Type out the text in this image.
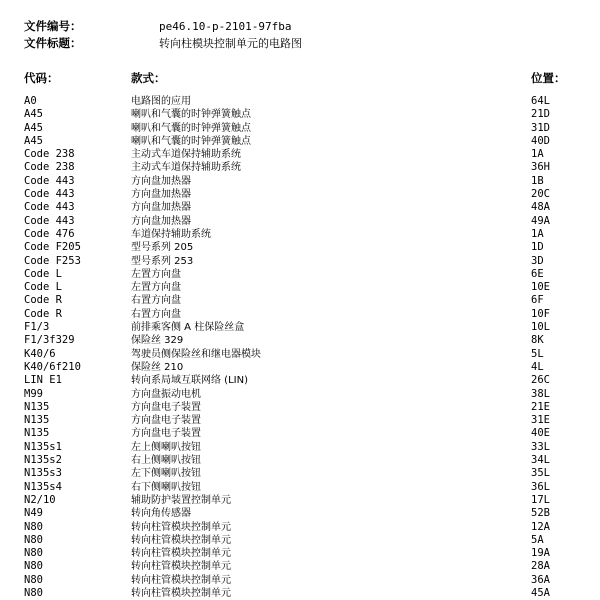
文件编号：	pe46.10-p-2101-97fba
文件标题：	转向柱模块控制单元的电路图
代码：	款式：	位置：
A0	电路图的应用	64L
A45	喇叭和气囊的时钟弹簧触点	21D
A45	喇叭和气囊的时钟弹簧触点	31D
A45	喇叭和气囊的时钟弹簧触点	40D
Code 238	主动式车道保持辅助系统	1A
Code 238	主动式车道保持辅助系统	36H
Code 443	方向盘加热器	1B
Code 443	方向盘加热器	20C
Code 443	方向盘加热器	48A
Code 443	方向盘加热器	49A
Code 476	车道保持辅助系统	1A
Code F205	型号系列 205	1D
Code F253	型号系列 253	3D
Code L	左置方向盘	6E
Code L	左置方向盘	10E
Code R	右置方向盘	6F
Code R	右置方向盘	10F
F1/3	前排乘客侧 A 柱保险丝盒	10L
F1/3f329	保险丝 329	8K
K40/6	驾驶员侧保险丝和继电器模块	5L
K40/6f210	保险丝 210	4L
LIN E1	转向系局域互联网络 (LIN)	26C
M99	方向盘振动电机	38L
N135	方向盘电子装置	21E
N135	方向盘电子装置	31E
N135	方向盘电子装置	40E
N135s1	左上侧喇叭按钮	33L
N135s2	右上侧喇叭按钮	34L
N135s3	左下侧喇叭按钮	35L
N135s4	右下侧喇叭按钮	36L
N2/10	辅助防护装置控制单元	17L
N49	转向角传感器	52B
N80	转向柱管模块控制单元	12A
N80	转向柱管模块控制单元	5A
N80	转向柱管模块控制单元	19A
N80	转向柱管模块控制单元	28A
N80	转向柱管模块控制单元	36A
N80	转向柱管模块控制单元	45A
